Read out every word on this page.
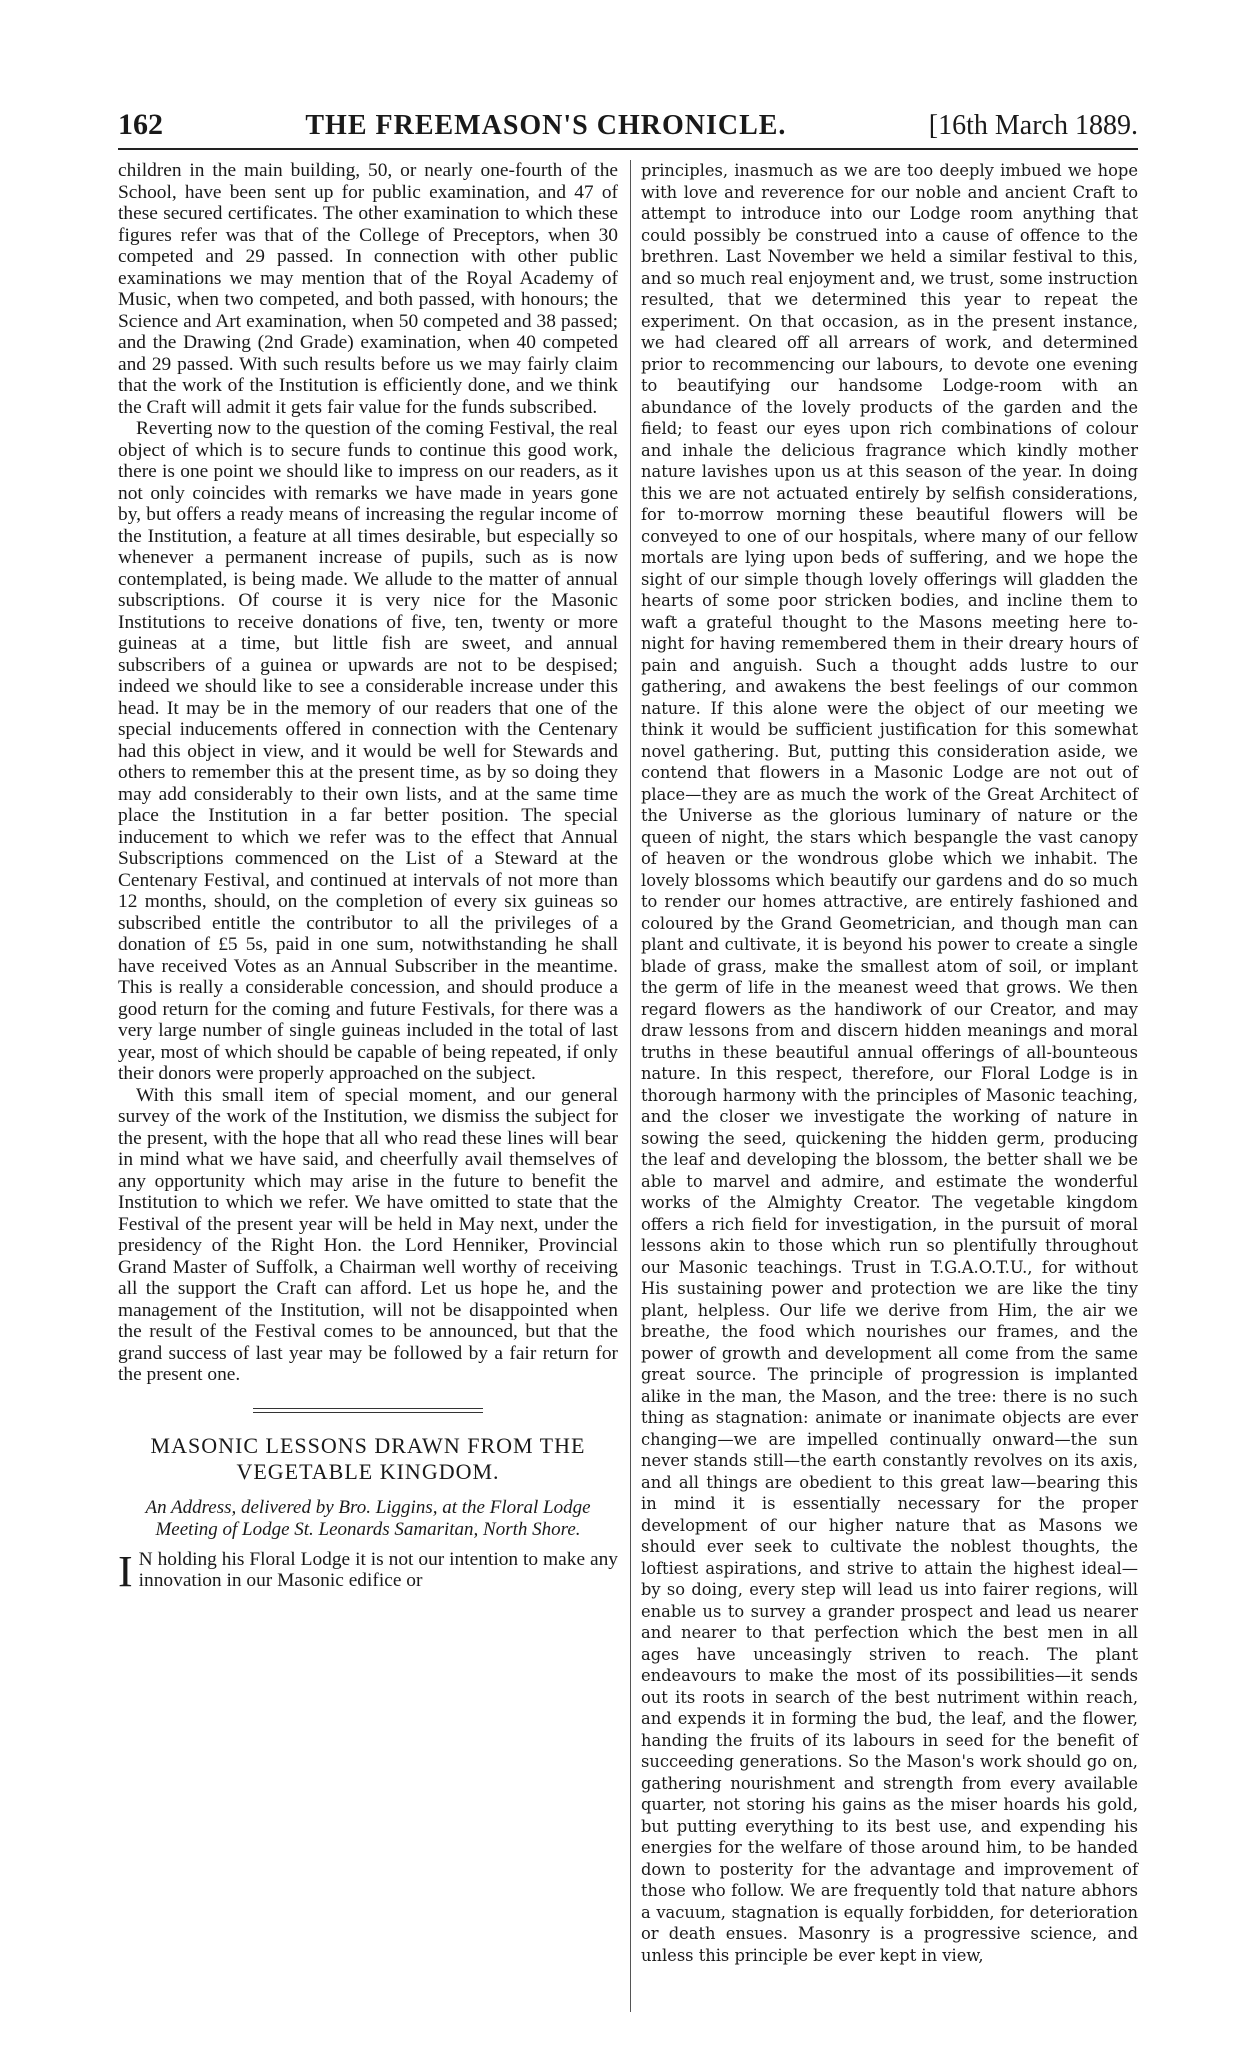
162	THE FREEMASON'S CHRONICLE.	[16th March 1889.

children in the main building, 50, or nearly one-fourth of the School, have been sent up for public examination, and 47 of these secured certificates. The other examination to which these figures refer was that of the College of Preceptors, when 30 competed and 29 passed. In connection with other public examinations we may mention that of the Royal Academy of Music, when two competed, and both passed, with honours; the Science and Art examination, when 50 competed and 38 passed; and the Drawing (2nd Grade) examination, when 40 competed and 29 passed. With such results before us we may fairly claim that the work of the Institution is efficiently done, and we think the Craft will admit it gets fair value for the funds subscribed.

Reverting now to the question of the coming Festival, the real object of which is to secure funds to continue this good work, there is one point we should like to impress on our readers, as it not only coincides with remarks we have made in years gone by, but offers a ready means of increasing the regular income of the Institution, a feature at all times desirable, but especially so whenever a permanent increase of pupils, such as is now contemplated, is being made. We allude to the matter of annual subscriptions. Of course it is very nice for the Masonic Institutions to receive donations of five, ten, twenty or more guineas at a time, but little fish are sweet, and annual subscribers of a guinea or upwards are not to be despised; indeed we should like to see a considerable increase under this head. It may be in the memory of our readers that one of the special inducements offered in connection with the Centenary had this object in view, and it would be well for Stewards and others to remember this at the present time, as by so doing they may add considerably to their own lists, and at the same time place the Institution in a far better position. The special inducement to which we refer was to the effect that Annual Subscriptions commenced on the List of a Steward at the Centenary Festival, and continued at intervals of not more than 12 months, should, on the completion of every six guineas so subscribed entitle the contributor to all the privileges of a donation of £5 5s, paid in one sum, notwithstanding he shall have received Votes as an Annual Subscriber in the meantime. This is really a considerable concession, and should produce a good return for the coming and future Festivals, for there was a very large number of single guineas included in the total of last year, most of which should be capable of being repeated, if only their donors were properly approached on the subject.

With this small item of special moment, and our general survey of the work of the Institution, we dismiss the subject for the present, with the hope that all who read these lines will bear in mind what we have said, and cheerfully avail themselves of any opportunity which may arise in the future to benefit the Institution to which we refer. We have omitted to state that the Festival of the present year will be held in May next, under the presidency of the Right Hon. the Lord Henniker, Provincial Grand Master of Suffolk, a Chairman well worthy of receiving all the support the Craft can afford. Let us hope he, and the management of the Institution, will not be disappointed when the result of the Festival comes to be announced, but that the grand success of last year may be followed by a fair return for the present one.

MASONIC LESSONS DRAWN FROM THE VEGETABLE KINGDOM.
An Address, delivered by Bro. Liggins, at the Floral Lodge Meeting of Lodge St. Leonards Samaritan, North Shore.

I N holding his Floral Lodge it is not our intention to make any innovation in our Masonic edifice or

principles, inasmuch as we are too deeply imbued we hope with love and reverence for our noble and ancient Craft to attempt to introduce into our Lodge room anything that could possibly be construed into a cause of offence to the brethren. Last November we held a similar festival to this, and so much real enjoyment and, we trust, some instruction resulted, that we determined this year to repeat the experiment. On that occasion, as in the present instance, we had cleared off all arrears of work, and determined prior to recommencing our labours, to devote one evening to beautifying our handsome Lodge-room with an abundance of the lovely products of the garden and the field; to feast our eyes upon rich combinations of colour and inhale the delicious fragrance which kindly mother nature lavishes upon us at this season of the year. In doing this we are not actuated entirely by selfish considerations, for to-morrow morning these beautiful flowers will be conveyed to one of our hospitals, where many of our fellow mortals are lying upon beds of suffering, and we hope the sight of our simple though lovely offerings will gladden the hearts of some poor stricken bodies, and incline them to waft a grateful thought to the Masons meeting here to-night for having remembered them in their dreary hours of pain and anguish. Such a thought adds lustre to our gathering, and awakens the best feelings of our common nature. If this alone were the object of our meeting we think it would be sufficient justification for this somewhat novel gathering. But, putting this consideration aside, we contend that flowers in a Masonic Lodge are not out of place—they are as much the work of the Great Architect of the Universe as the glorious luminary of nature or the queen of night, the stars which bespangle the vast canopy of heaven or the wondrous globe which we inhabit. The lovely blossoms which beautify our gardens and do so much to render our homes attractive, are entirely fashioned and coloured by the Grand Geometrician, and though man can plant and cultivate, it is beyond his power to create a single blade of grass, make the smallest atom of soil, or implant the germ of life in the meanest weed that grows. We then regard flowers as the handiwork of our Creator, and may draw lessons from and discern hidden meanings and moral truths in these beautiful annual offerings of all-bounteous nature. In this respect, therefore, our Floral Lodge is in thorough harmony with the principles of Masonic teaching, and the closer we investigate the working of nature in sowing the seed, quickening the hidden germ, producing the leaf and developing the blossom, the better shall we be able to marvel and admire, and estimate the wonderful works of the Almighty Creator. The vegetable kingdom offers a rich field for investigation, in the pursuit of moral lessons akin to those which run so plentifully throughout our Masonic teachings. Trust in T.G.A.O.T.U., for without His sustaining power and protection we are like the tiny plant, helpless. Our life we derive from Him, the air we breathe, the food which nourishes our frames, and the power of growth and development all come from the same great source. The principle of progression is implanted alike in the man, the Mason, and the tree: there is no such thing as stagnation: animate or inanimate objects are ever changing—we are impelled continually onward—the sun never stands still—the earth constantly revolves on its axis, and all things are obedient to this great law—bearing this in mind it is essentially necessary for the proper development of our higher nature that as Masons we should ever seek to cultivate the noblest thoughts, the loftiest aspirations, and strive to attain the highest ideal—by so doing, every step will lead us into fairer regions, will enable us to survey a grander prospect and lead us nearer and nearer to that perfection which the best men in all ages have unceasingly striven to reach. The plant endeavours to make the most of its possibilities—it sends out its roots in search of the best nutriment within reach, and expends it in forming the bud, the leaf, and the flower, handing the fruits of its labours in seed for the benefit of succeeding generations. So the Mason's work should go on, gathering nourishment and strength from every available quarter, not storing his gains as the miser hoards his gold, but putting everything to its best use, and expending his energies for the welfare of those around him, to be handed down to posterity for the advantage and improvement of those who follow. We are frequently told that nature abhors a vacuum, stagnation is equally forbidden, for deterioration or death ensues. Masonry is a progressive science, and unless this principle be ever kept in view,
